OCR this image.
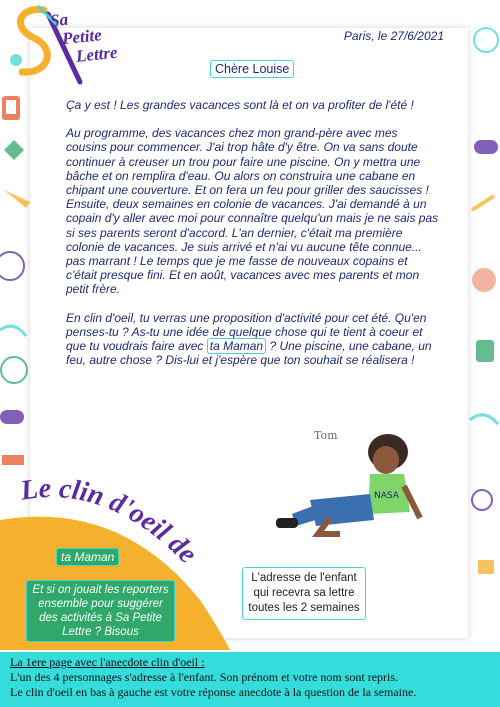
Sa
Petite
Lettre
Paris, le 27/6/2021
Chère Louise

Ça y est ! Les grandes vacances sont là et on va profiter de l'été !

Au programme, des vacances chez mon grand-père avec mes cousins pour commencer. J'ai trop hâte d'y être. On va sans doute continuer à creuser un trou pour faire une piscine. On y mettra une bâche et on remplira d'eau. Ou alors on construira une cabane en chipant une couverture. Et on fera un feu pour griller des saucisses !

Ensuite, deux semaines en colonie de vacances. J'ai demandé à un copain d'y aller avec moi pour connaître quelqu'un mais je ne sais pas si ses parents seront d'accord. L'an dernier, c'était ma première colonie de vacances. Je suis arrivé et n'ai vu aucune tête connue... pas marrant ! Le temps que je me fasse de nouveaux copains et c'était presque fini. Et en août, vacances avec mes parents et mon petit frère.

En clin d'oeil, tu verras une proposition d'activité pour cet été. Qu'en penses-tu ? As-tu une idée de quelque chose qui te tient à coeur et que tu voudrais faire avec ta Maman ? Une piscine, une cabane, un feu, autre chose ? Dis-lui et j'espère que ton souhait se réalisera !

Tom
NASA
Le clin d'oeil de
ta Maman
Et si on jouait les reporters ensemble pour suggérer des activités à Sa Petite Lettre ? Bisous
L'adresse de l'enfant qui recevra sa lettre toutes les 2 semaines
La 1ere page avec l'anecdote clin d'oeil :
L'un des 4 personnages s'adresse à l'enfant. Son prénom et votre nom sont repris.
Le clin d'oeil en bas à gauche est votre réponse anecdote à la question de la semaine.
